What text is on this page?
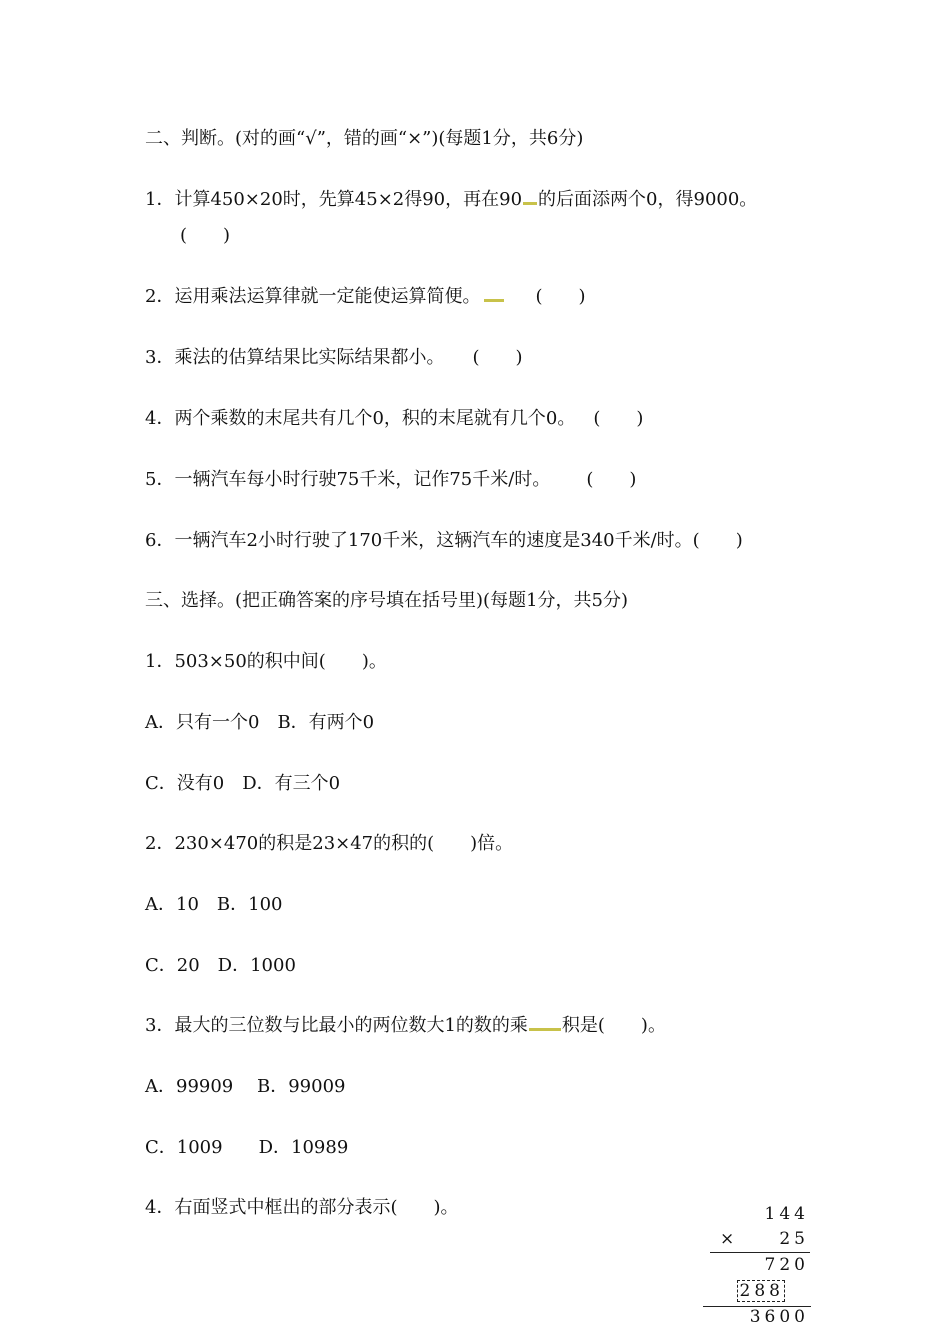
二、判断。(对的画“√”，错的画“×”)(每题1分，共6分)
1．计算450×20时，先算45×2得90，再在90 的后面添两个0，得9000。
(　　)
2．运用乘法运算律就一定能使运算简便。	(　　)
3．乘法的估算结果比实际结果都小。 (　　)
4．两个乘数的末尾共有几个0，积的末尾就有几个0。 (　　)
5．一辆汽车每小时行驶75千米，记作75千米/时。 (　　)
6．一辆汽车2小时行驶了170千米，这辆汽车的速度是340千米/时。(　　)
三、选择。(把正确答案的序号填在括号里)(每题1分，共5分)
1．503×50的积中间(　　)。
A．只有一个0　B．有两个0
C．没有0　D．有三个0
2．230×470的积是23×47的积的(　　)倍。
A．10　B．100
C．20　D．1000
3．最大的三位数与比最小的两位数大1的数的乘 积是(　　)。
A．99909　 B．99009
C．1009　　D．10989
4．右面竖式中框出的部分表示(　　)。	144
× 25
720
288
3600
